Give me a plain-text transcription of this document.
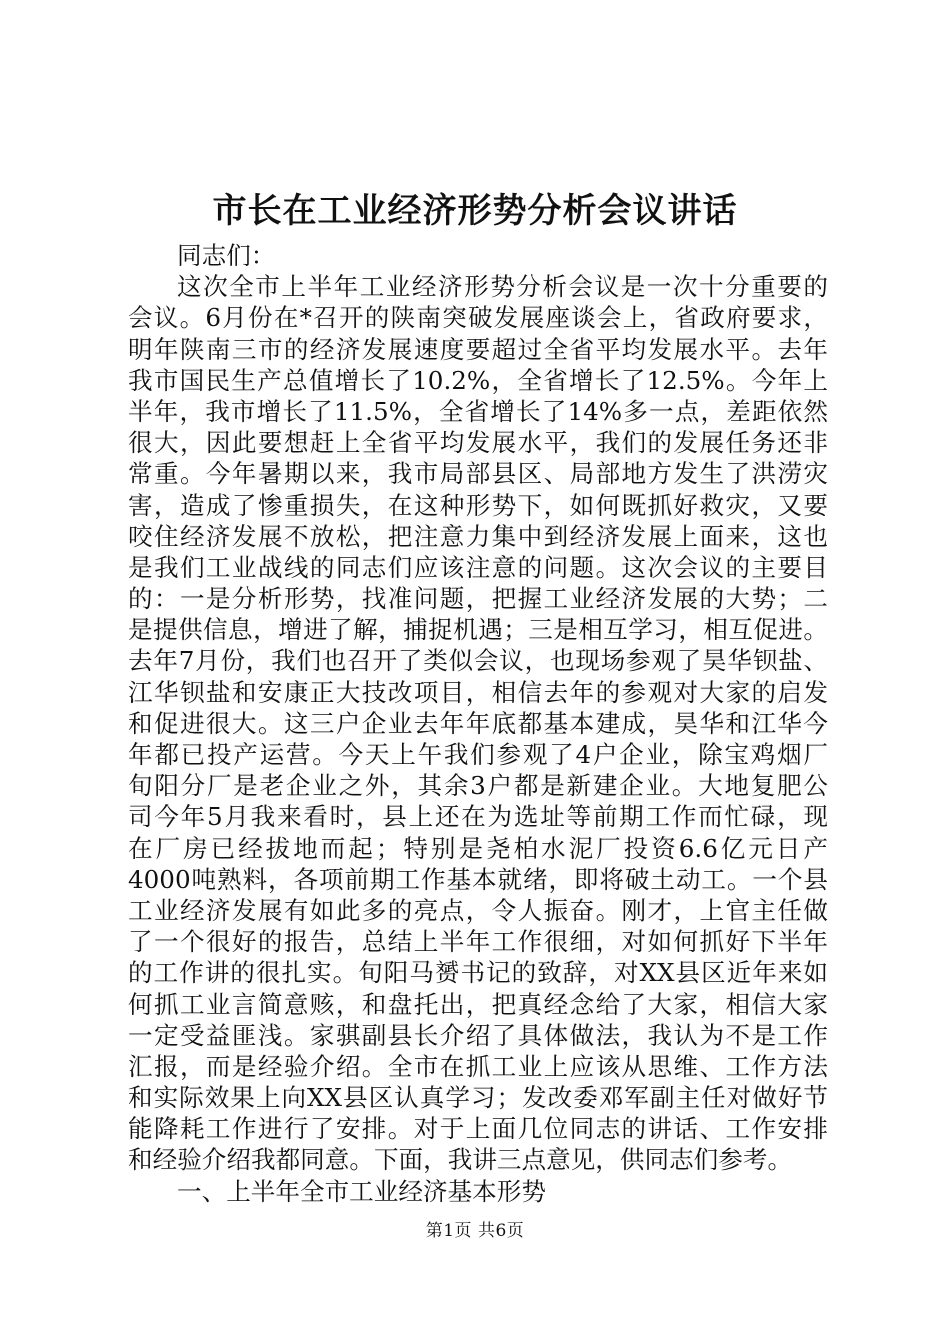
市长在工业经济形势分析会议讲话
同志们：
这次全市上半年工业经济形势分析会议是一次十分重要的
会议。6月份在*召开的陕南突破发展座谈会上，省政府要求，
明年陕南三市的经济发展速度要超过全省平均发展水平。去年
我市国民生产总值增长了10.2%，全省增长了12.5%。今年上
半年，我市增长了11.5%，全省增长了14%多一点，差距依然
很大，因此要想赶上全省平均发展水平，我们的发展任务还非
常重。今年暑期以来，我市局部县区、局部地方发生了洪涝灾
害，造成了惨重损失，在这种形势下，如何既抓好救灾，又要
咬住经济发展不放松，把注意力集中到经济发展上面来，这也
是我们工业战线的同志们应该注意的问题。这次会议的主要目
的：一是分析形势，找准问题，把握工业经济发展的大势；二
是提供信息，增进了解，捕捉机遇；三是相互学习，相互促进。
去年7月份，我们也召开了类似会议，也现场参观了昊华钡盐、
江华钡盐和安康正大技改项目，相信去年的参观对大家的启发
和促进很大。这三户企业去年年底都基本建成，昊华和江华今
年都已投产运营。今天上午我们参观了4户企业，除宝鸡烟厂
旬阳分厂是老企业之外，其余3户都是新建企业。大地复肥公
司今年5月我来看时，县上还在为选址等前期工作而忙碌，现
在厂房已经拔地而起；特别是尧柏水泥厂投资6.6亿元日产
4000吨熟料，各项前期工作基本就绪，即将破土动工。一个县
工业经济发展有如此多的亮点，令人振奋。刚才，上官主任做
了一个很好的报告，总结上半年工作很细，对如何抓好下半年
的工作讲的很扎实。旬阳马赟书记的致辞，对XX县区近年来如
何抓工业言简意赅，和盘托出，把真经念给了大家，相信大家
一定受益匪浅。家骐副县长介绍了具体做法，我认为不是工作
汇报，而是经验介绍。全市在抓工业上应该从思维、工作方法
和实际效果上向XX县区认真学习；发改委邓军副主任对做好节
能降耗工作进行了安排。对于上面几位同志的讲话、工作安排
和经验介绍我都同意。下面，我讲三点意见，供同志们参考。
一、上半年全市工业经济基本形势
第1页 共6页
